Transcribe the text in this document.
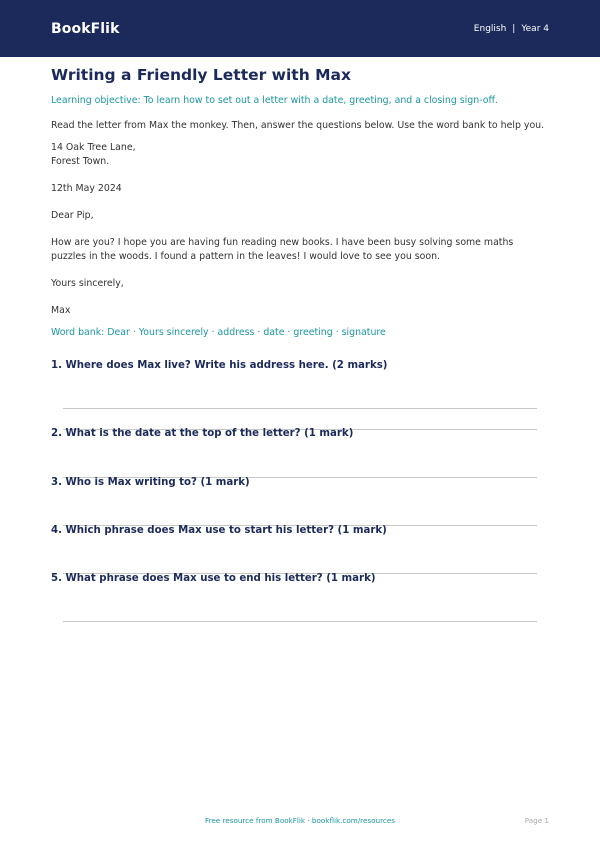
BookFlik	English | Year 4
Writing a Friendly Letter with Max
Learning objective: To learn how to set out a letter with a date, greeting, and a closing sign-off.
Read the letter from Max the monkey. Then, answer the questions below. Use the word bank to help you.
14 Oak Tree Lane,
Forest Town.
12th May 2024
Dear Pip,
How are you? I hope you are having fun reading new books. I have been busy solving some maths puzzles in the woods. I found a pattern in the leaves! I would love to see you soon.
Yours sincerely,
Max
Word bank: Dear · Yours sincerely · address · date · greeting · signature
1. Where does Max live? Write his address here. (2 marks)
2. What is the date at the top of the letter? (1 mark)
3. Who is Max writing to? (1 mark)
4. Which phrase does Max use to start his letter? (1 mark)
5. What phrase does Max use to end his letter? (1 mark)
Free resource from BookFlik · bookflik.com/resources	Page 1
